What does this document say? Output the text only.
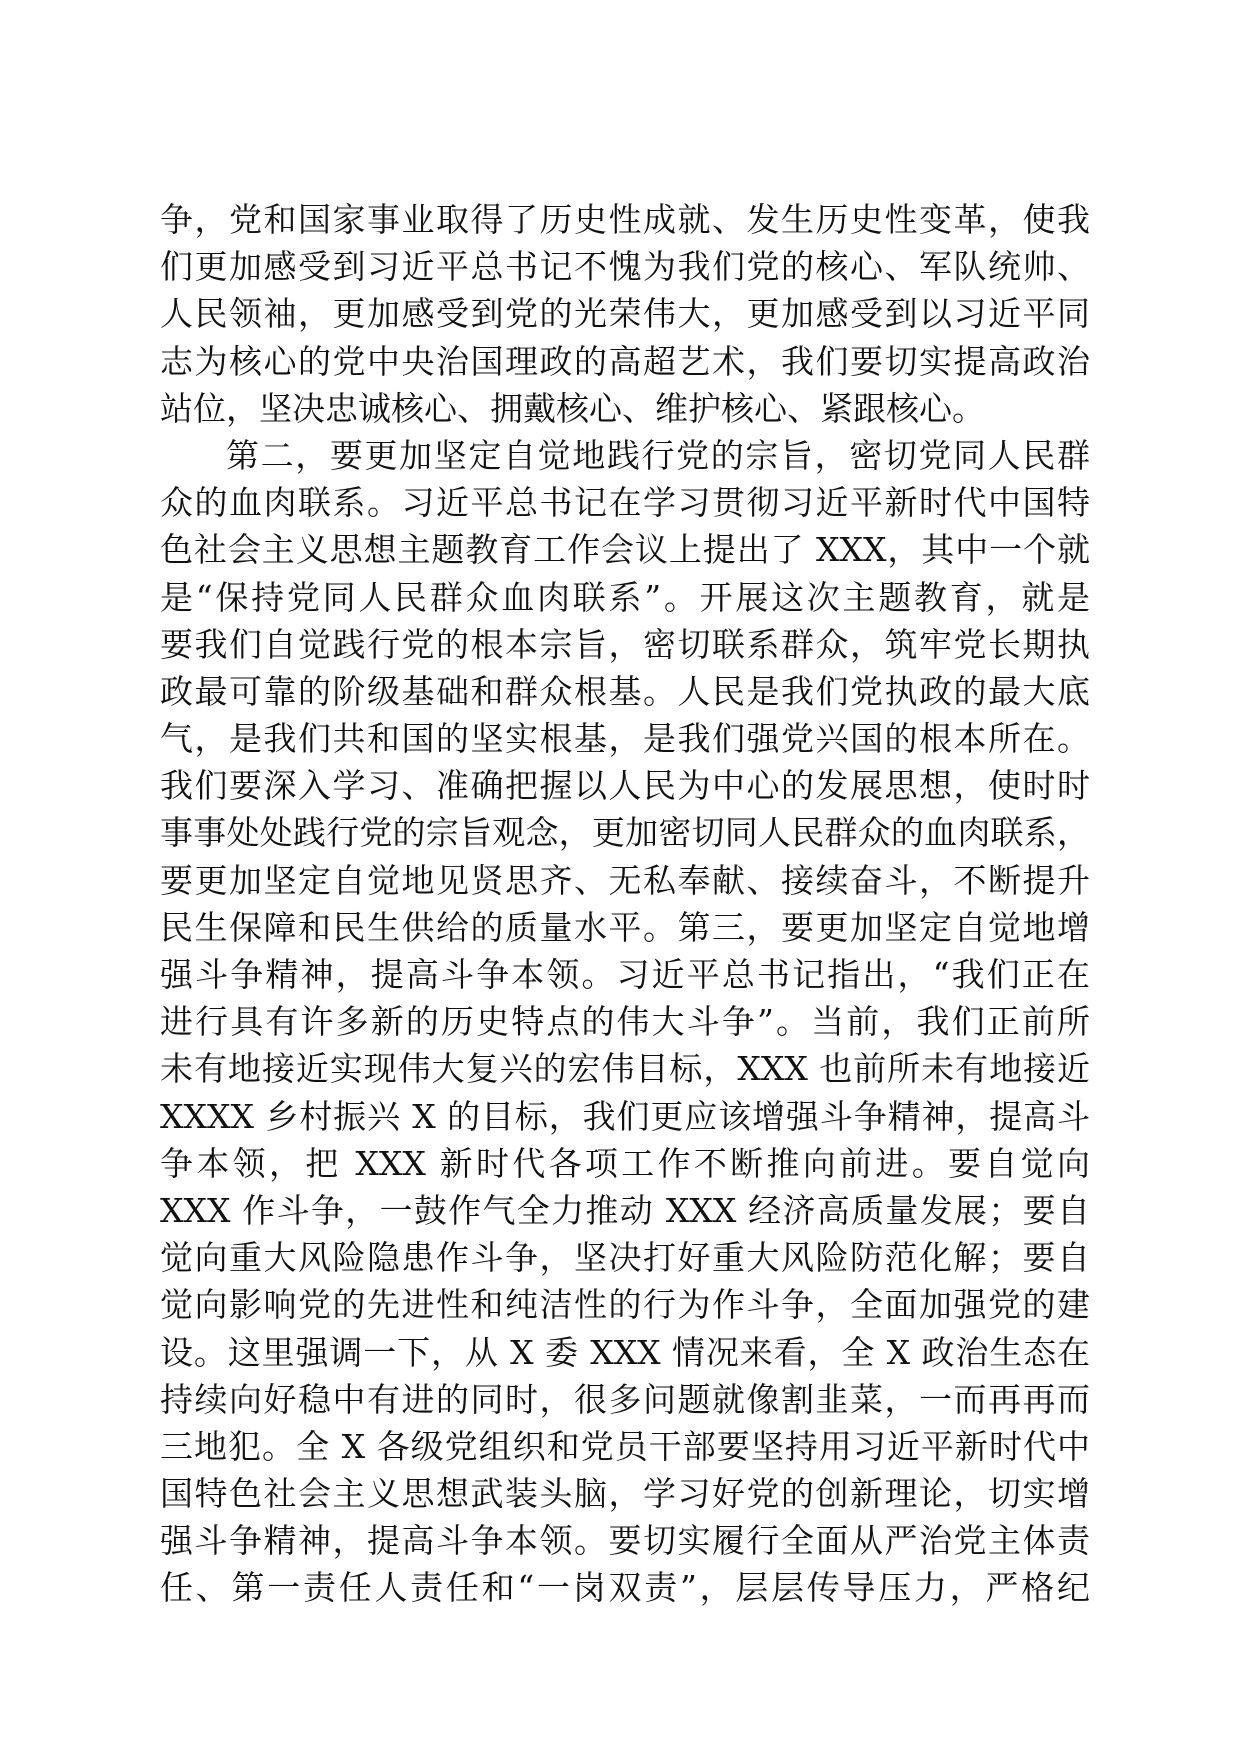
争，党和国家事业取得了历史性成就、发生历史性变革，使我
们更加感受到习近平总书记不愧为我们党的核心、军队统帅、
人民领袖，更加感受到党的光荣伟大，更加感受到以习近平同
志为核心的党中央治国理政的高超艺术，我们要切实提高政治
站位，坚决忠诚核心、拥戴核心、维护核心、紧跟核心。
第二，要更加坚定自觉地践行党的宗旨，密切党同人民群
众的血肉联系。习近平总书记在学习贯彻习近平新时代中国特
色社会主义思想主题教育工作会议上提出了 XXX，其中一个就
是“保持党同人民群众血肉联系”。开展这次主题教育，就是
要我们自觉践行党的根本宗旨，密切联系群众，筑牢党长期执
政最可靠的阶级基础和群众根基。人民是我们党执政的最大底
气，是我们共和国的坚实根基，是我们强党兴国的根本所在。
我们要深入学习、准确把握以人民为中心的发展思想，使时时
事事处处践行党的宗旨观念，更加密切同人民群众的血肉联系，
要更加坚定自觉地见贤思齐、无私奉献、接续奋斗，不断提升
民生保障和民生供给的质量水平。第三，要更加坚定自觉地增
强斗争精神，提高斗争本领。习近平总书记指出，“我们正在
进行具有许多新的历史特点的伟大斗争”。当前，我们正前所
未有地接近实现伟大复兴的宏伟目标，XXX 也前所未有地接近
XXXX 乡村振兴 X 的目标，我们更应该增强斗争精神，提高斗
争本领，把 XXX 新时代各项工作不断推向前进。要自觉向
XXX 作斗争，一鼓作气全力推动 XXX 经济高质量发展；要自
觉向重大风险隐患作斗争，坚决打好重大风险防范化解；要自
觉向影响党的先进性和纯洁性的行为作斗争，全面加强党的建
设。这里强调一下，从 X 委 XXX 情况来看，全 X 政治生态在
持续向好稳中有进的同时，很多问题就像割韭菜，一而再再而
三地犯。全 X 各级党组织和党员干部要坚持用习近平新时代中
国特色社会主义思想武装头脑，学习好党的创新理论，切实增
强斗争精神，提高斗争本领。要切实履行全面从严治党主体责
任、第一责任人责任和“一岗双责”，层层传导压力，严格纪
